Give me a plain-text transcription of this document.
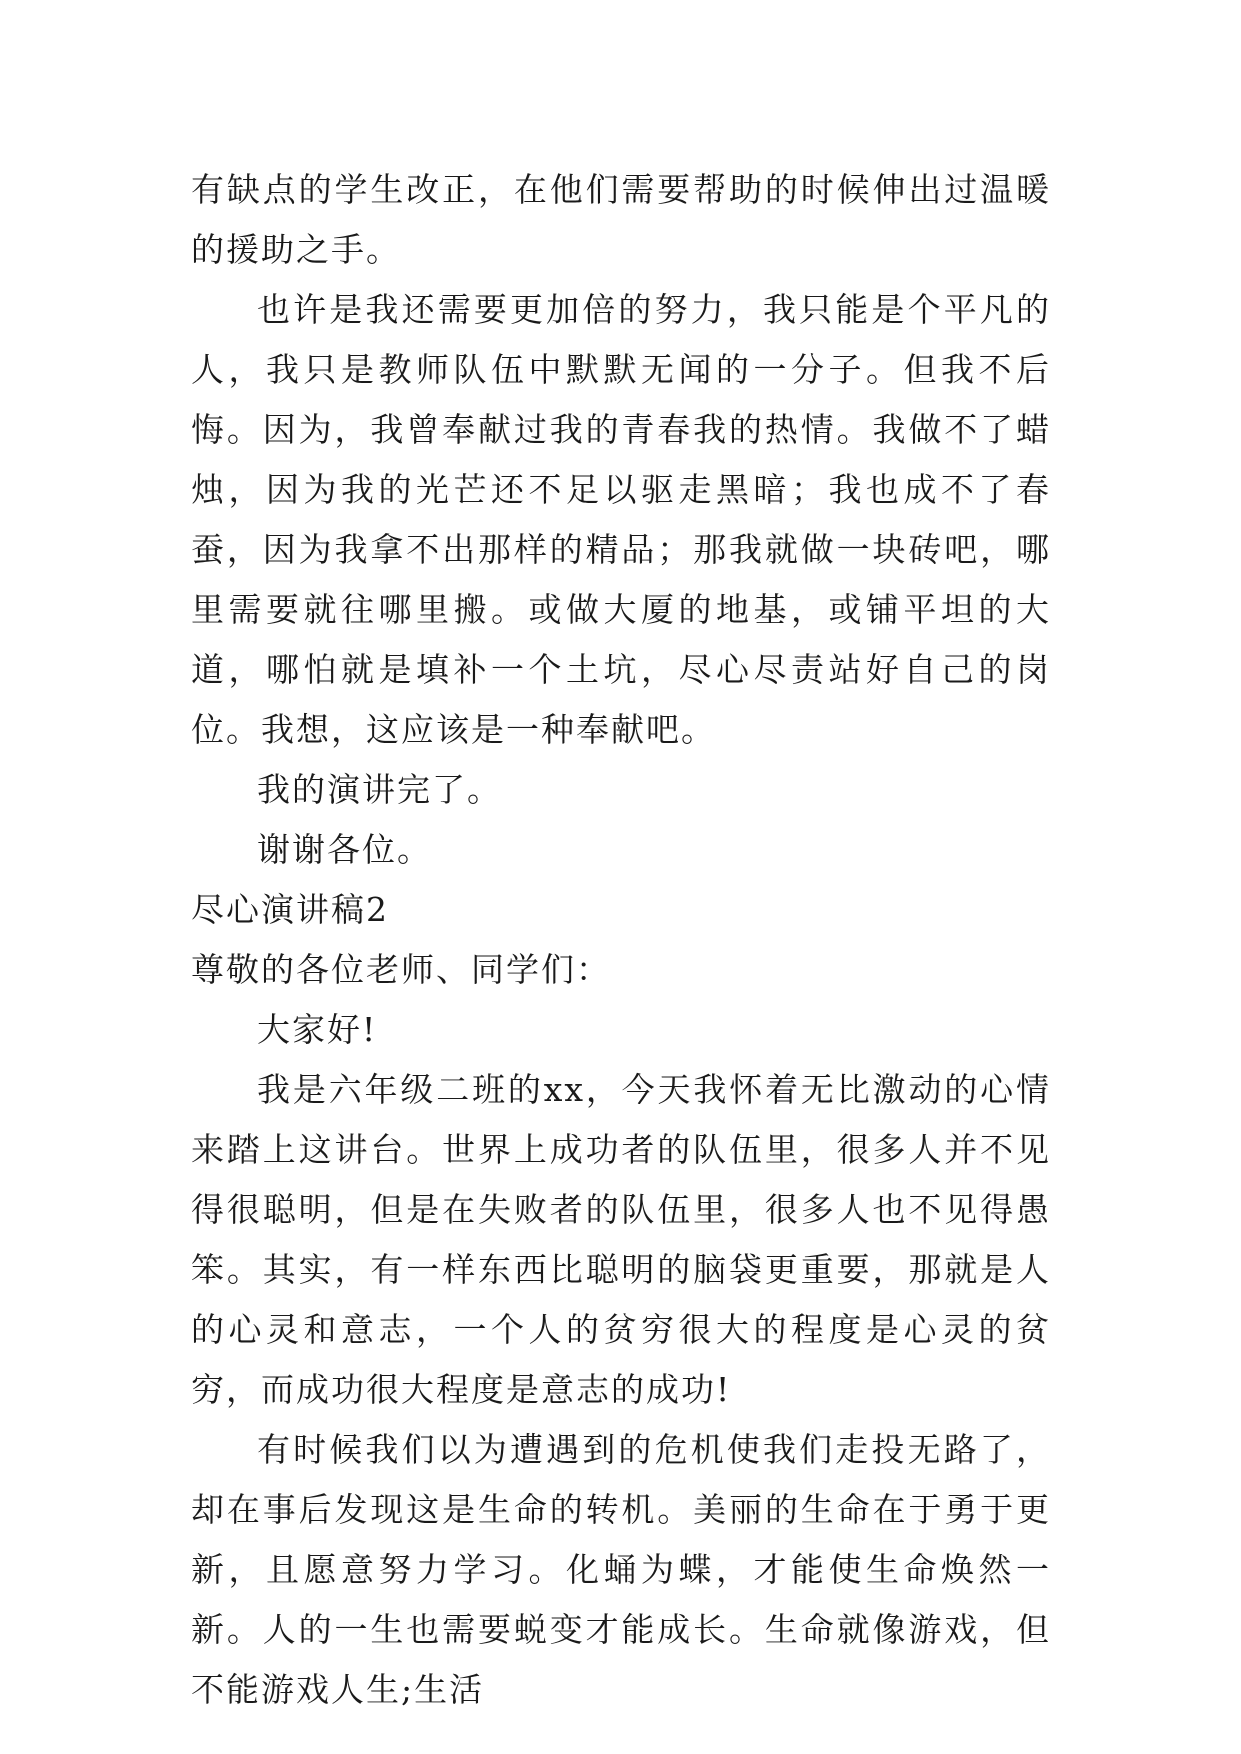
有缺点的学生改正，在他们需要帮助的时候伸出过温暖的援助之手。

也许是我还需要更加倍的努力，我只能是个平凡的人，我只是教师队伍中默默无闻的一分子。但我不后悔。因为，我曾奉献过我的青春我的热情。我做不了蜡烛，因为我的光芒还不足以驱走黑暗；我也成不了春蚕，因为我拿不出那样的精品；那我就做一块砖吧，哪里需要就往哪里搬。或做大厦的地基，或铺平坦的大道，哪怕就是填补一个土坑，尽心尽责站好自己的岗位。我想，这应该是一种奉献吧。

我的演讲完了。

谢谢各位。

尽心演讲稿2

尊敬的各位老师、同学们：

大家好!

我是六年级二班的xx，今天我怀着无比激动的心情来踏上这讲台。世界上成功者的队伍里，很多人并不见得很聪明，但是在失败者的队伍里，很多人也不见得愚笨。其实，有一样东西比聪明的脑袋更重要，那就是人的心灵和意志，一个人的贫穷很大的程度是心灵的贫穷，而成功很大程度是意志的成功!

有时候我们以为遭遇到的危机使我们走投无路了，却在事后发现这是生命的转机。美丽的生命在于勇于更新，且愿意努力学习。化蛹为蝶，才能使生命焕然一新。人的一生也需要蜕变才能成长。生命就像游戏，但不能游戏人生;生活
